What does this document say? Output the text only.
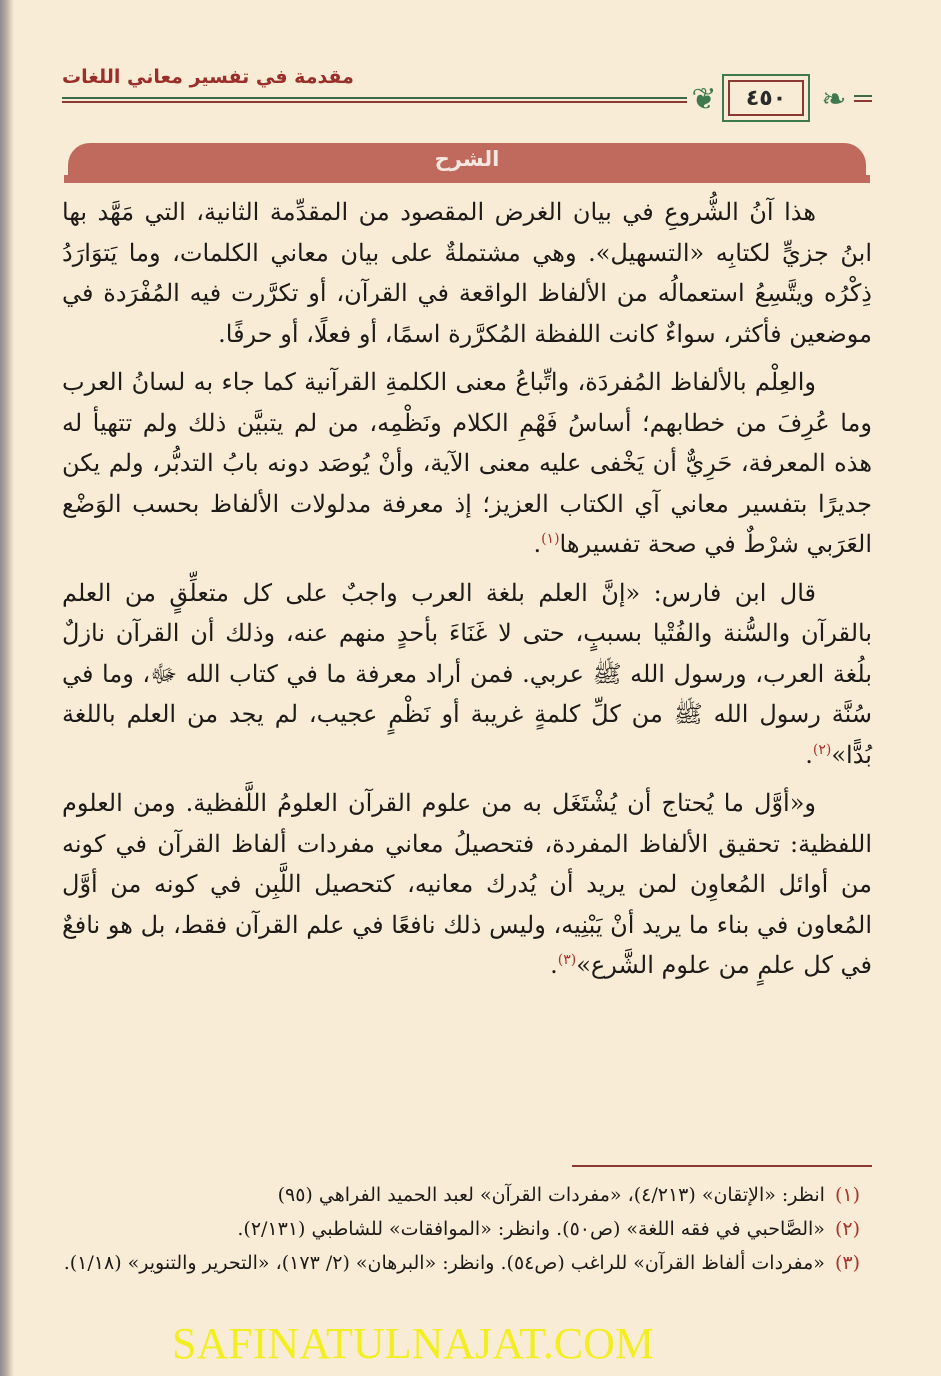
مقدمة في تفسير معاني اللغات
❦	٤٥٠	❧
الشرح

هذا آنُ الشُّروعِ في بيان الغرض المقصود من المقدِّمة الثانية، التي مَهَّد بها ابنُ جزيٍّ لكتابِه «التسهيل». وهي مشتملةٌ على بيان معاني الكلمات، وما يَتوَارَدُ ذِكْرُه ويتَّسِعُ استعمالُه من الألفاظ الواقعة في القرآن، أو تكرَّرت فيه المُفْرَدة في موضعين فأكثر، سواءٌ كانت اللفظة المُكرَّرة اسمًا، أو فعلًا، أو حرفًا.

والعِلْم بالألفاظ المُفردَة، واتِّباعُ معنى الكلمةِ القرآنية كما جاء به لسانُ العرب وما عُرِفَ من خطابهم؛ أساسُ فَهْمِ الكلام ونَظْمِه، من لم يتبيَّن ذلك ولم تتهيأ له هذه المعرفة، حَرِيٌّ أن يَخْفى عليه معنى الآية، وأنْ يُوصَد دونه بابُ التدبُّر، ولم يكن جديرًا بتفسير معاني آي الكتاب العزيز؛ إذ معرفة مدلولات الألفاظ بحسب الوَضْع العَرَبي شرْطٌ في صحة تفسيرها$^{(١)}$.

قال ابن فارس: «إنَّ العلم بلغة العرب واجبٌ على كل متعلِّقٍ من العلم بالقرآن والسُّنة والفُتْيا بسببٍ، حتى لا غَنَاءَ بأحدٍ منهم عنه، وذلك أن القرآن نازلٌ بلُغة العرب، ورسول الله ﷺ عربي. فمن أراد معرفة ما في كتاب الله ﷻ، وما في سُنَّة رسول الله ﷺ من كلِّ كلمةٍ غريبة أو نَظْمٍ عجيب، لم يجد من العلم باللغة بُدًّا»$^{(٢)}$.

و«أوَّل ما يُحتاج أن يُشْتَغَل به من علوم القرآن العلومُ اللَّفظية. ومن العلوم اللفظية: تحقيق الألفاظ المفردة، فتحصيلُ معاني مفردات ألفاظ القرآن في كونه من أوائل المُعاوِن لمن يريد أن يُدرك معانيه، كتحصيل اللَّبِن في كونه من أوَّل المُعاون في بناء ما يريد أنْ يَبْنِيه، وليس ذلك نافعًا في علم القرآن فقط، بل هو نافعٌ في كل علمٍ من علوم الشَّرع»$^{(٣)}$.

(١)انظر: «الإتقان» (٤/٢١٣)، «مفردات القرآن» لعبد الحميد الفراهي (٩٥)

(٢)«الصَّاحبي في فقه اللغة» (ص٥٠). وانظر: «الموافقات» للشاطبي (٢/١٣١).

(٣)«مفردات ألفاظ القرآن» للراغب (ص٥٤). وانظر: «البرهان» (٢/ ١٧٣)، «التحرير والتنوير» (١/١٨).

SAFINATULNAJAT.COM
